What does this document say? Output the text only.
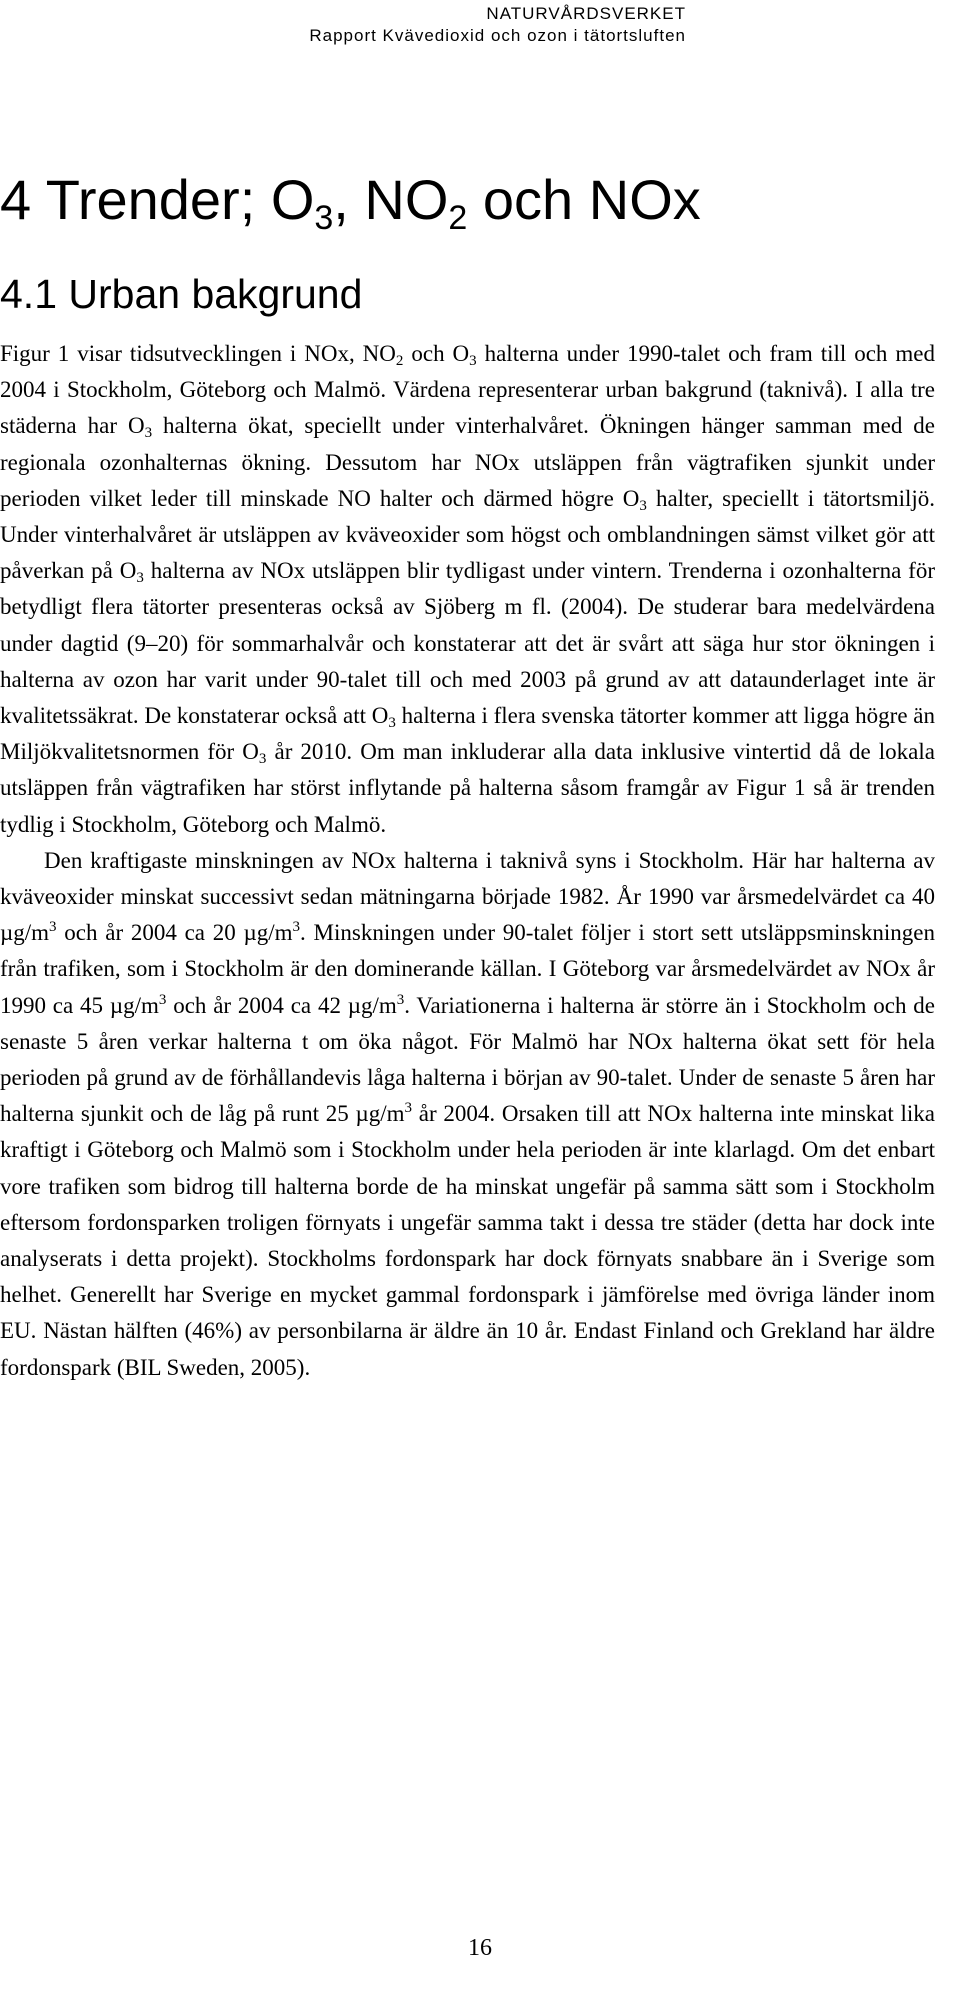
NATURVÅRDSVERKET
Rapport Kvävedioxid och ozon i tätortsluften
4 Trender; $O_3$, $NO_2$ och NOx
4.1 Urban bakgrund

Figur 1 visar tidsutvecklingen i NOx, $NO_2$ och $O_3$ halterna under 1990-talet och fram till och med 2004 i Stockholm, Göteborg och Malmö. Värdena representerar urban bakgrund (taknivå). I alla tre städerna har $O_3$ halterna ökat, speciellt under vinterhalvåret. Ökningen hänger samman med de regionala ozonhalternas ökning. Dessutom har NOx utsläppen från vägtrafiken sjunkit under perioden vilket leder till minskade NO halter och därmed högre $O_3$ halter, speciellt i tätortsmiljö. Under vinterhalvåret är utsläppen av kväveoxider som högst och omblandningen sämst vilket gör att påverkan på $O_3$ halterna av NOx utsläppen blir tydligast under vintern. Trenderna i ozonhalterna för betydligt flera tätorter presenteras också av Sjöberg m fl. (2004). De studerar bara medelvärdena under dagtid (9–20) för sommarhalvår och konstaterar att det är svårt att säga hur stor ökningen i halterna av ozon har varit under 90-talet till och med 2003 på grund av att dataunderlaget inte är kvalitetssäkrat. De konstaterar också att $O_3$ halterna i flera svenska tätorter kommer att ligga högre än Miljökvalitetsnormen för $O_3$ år 2010. Om man inkluderar alla data inklusive vintertid då de lokala utsläppen från vägtrafiken har störst inflytande på halterna såsom framgår av Figur 1 så är trenden tydlig i Stockholm, Göteborg och Malmö.

Den kraftigaste minskningen av NOx halterna i taknivå syns i Stockholm. Här har halterna av kväveoxider minskat successivt sedan mätningarna började 1982. År 1990 var årsmedelvärdet ca 40 $\mu g/m^3$ och år 2004 ca 20 $\mu g/m^3$. Minskningen under 90-talet följer i stort sett utsläppsminskningen från trafiken, som i Stockholm är den dominerande källan. I Göteborg var årsmedelvärdet av NOx år 1990 ca 45 $\mu g/m^3$ och år 2004 ca 42 $\mu g/m^3$. Variationerna i halterna är större än i Stockholm och de senaste 5 åren verkar halterna t om öka något. För Malmö har NOx halterna ökat sett för hela perioden på grund av de förhållandevis låga halterna i början av 90-talet. Under de senaste 5 åren har halterna sjunkit och de låg på runt 25 $\mu g/m^3$ år 2004. Orsaken till att NOx halterna inte minskat lika kraftigt i Göteborg och Malmö som i Stockholm under hela perioden är inte klarlagd. Om det enbart vore trafiken som bidrog till halterna borde de ha minskat ungefär på samma sätt som i Stockholm eftersom fordonsparken troligen förnyats i ungefär samma takt i dessa tre städer (detta har dock inte analyserats i detta projekt). Stockholms fordonspark har dock förnyats snabbare än i Sverige som helhet. Generellt har Sverige en mycket gammal fordonspark i jämförelse med övriga länder inom EU. Nästan hälften (46%) av personbilarna är äldre än 10 år. Endast Finland och Grekland har äldre fordonspark (BIL Sweden, 2005).

16
